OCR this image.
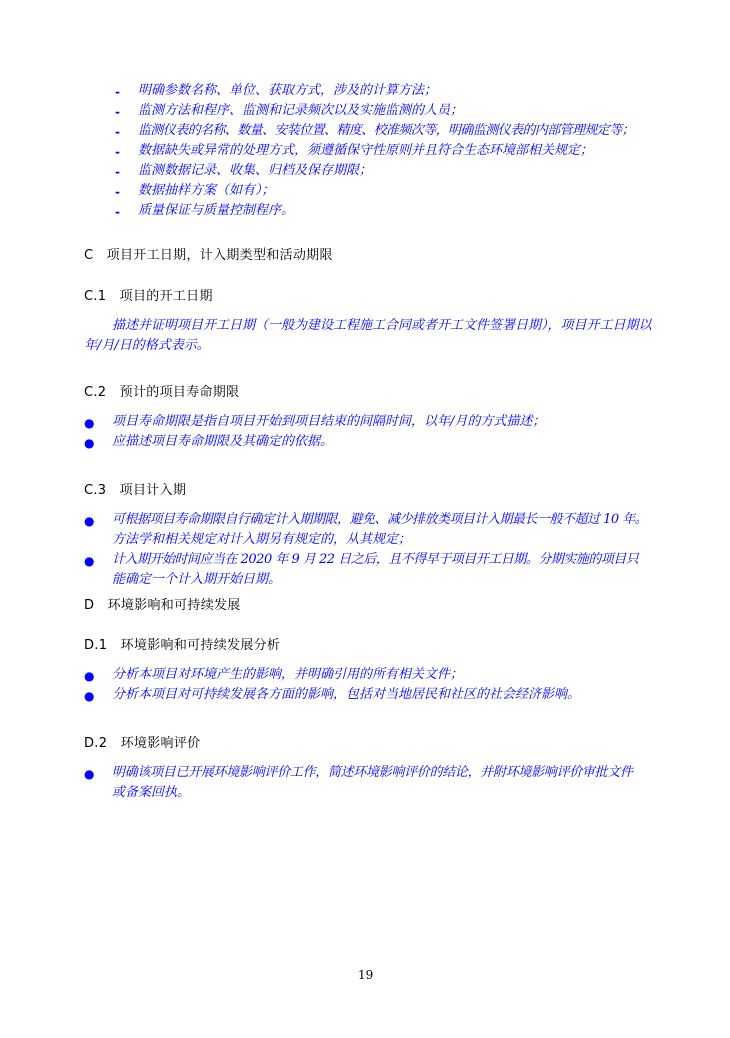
- 明确参数名称、单位、获取方式，涉及的计算方法；
- 监测方法和程序、监测和记录频次以及实施监测的人员；
- 监测仪表的名称、数量、安装位置、精度、校准频次等，明确监测仪表的内部管理规定等；
- 数据缺失或异常的处理方式，须遵循保守性原则并且符合生态环境部相关规定；
- 监测数据记录、收集、归档及保存期限；
- 数据抽样方案（如有）；
- 质量保证与质量控制程序。
C　项目开工日期，计入期类型和活动期限
C.1　项目的开工日期
描述并证明项目开工日期（一般为建设工程施工合同或者开工文件签署日期），项目开工日期以
年/月/日的格式表示。
C.2　预计的项目寿命期限
● 项目寿命期限是指自项目开始到项目结束的间隔时间，以年/月的方式描述；
● 应描述项目寿命期限及其确定的依据。
C.3　项目计入期
● 可根据项目寿命期限自行确定计入期期限，避免、减少排放类项目计入期最长一般不超过 10 年。
方法学和相关规定对计入期另有规定的，从其规定；
● 计入期开始时间应当在 2020 年 9 月 22 日之后，且不得早于项目开工日期。分期实施的项目只
能确定一个计入期开始日期。
D　环境影响和可持续发展
D.1　环境影响和可持续发展分析
● 分析本项目对环境产生的影响，并明确引用的所有相关文件；
● 分析本项目对可持续发展各方面的影响，包括对当地居民和社区的社会经济影响。
D.2　环境影响评价
● 明确该项目已开展环境影响评价工作，简述环境影响评价的结论，并附环境影响评价审批文件
或备案回执。
19
